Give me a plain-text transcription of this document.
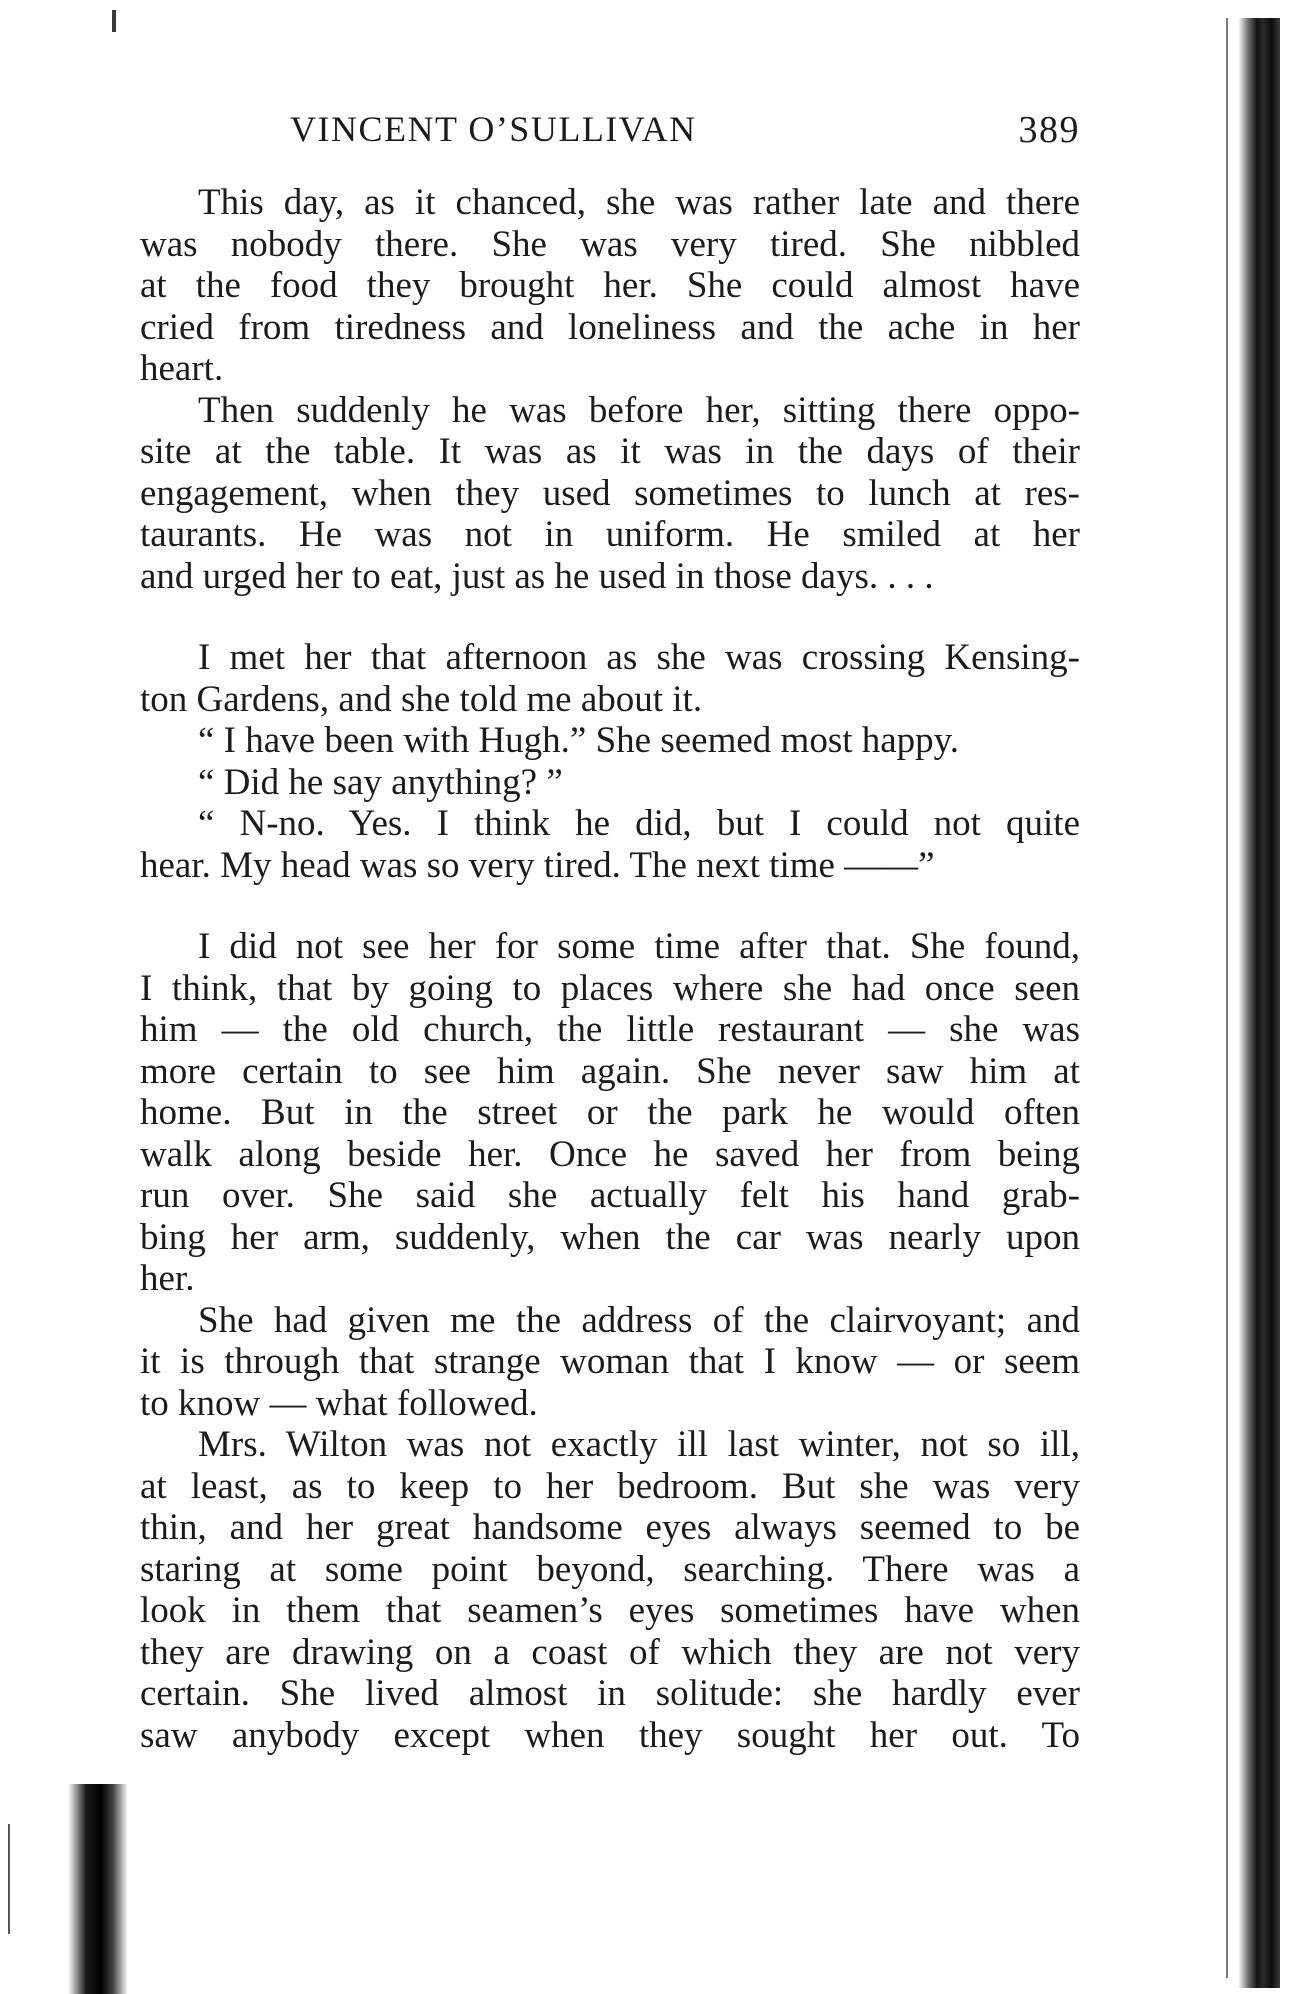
VINCENT O’SULLIVAN	389
This day, as it chanced, she was rather late and there
was nobody there. She was very tired. She nibbled
at the food they brought her. She could almost have
cried from tiredness and loneliness and the ache in her
heart.
Then suddenly he was before her, sitting there oppo-
site at the table. It was as it was in the days of their
engagement, when they used sometimes to lunch at res-
taurants. He was not in uniform. He smiled at her
and urged her to eat, just as he used in those days. . . .
I met her that afternoon as she was crossing Kensing-
ton Gardens, and she told me about it.
“ I have been with Hugh.” She seemed most happy.
“ Did he say anything? ”
“ N-no. Yes. I think he did, but I could not quite
hear. My head was so very tired. The next time ——”
I did not see her for some time after that. She found,
I think, that by going to places where she had once seen
him — the old church, the little restaurant — she was
more certain to see him again. She never saw him at
home. But in the street or the park he would often
walk along beside her. Once he saved her from being
run over. She said she actually felt his hand grab-
bing her arm, suddenly, when the car was nearly upon
her.
She had given me the address of the clairvoyant; and
it is through that strange woman that I know — or seem
to know — what followed.
Mrs. Wilton was not exactly ill last winter, not so ill,
at least, as to keep to her bedroom. But she was very
thin, and her great handsome eyes always seemed to be
staring at some point beyond, searching. There was a
look in them that seamen’s eyes sometimes have when
they are drawing on a coast of which they are not very
certain. She lived almost in solitude: she hardly ever
saw anybody except when they sought her out. To
